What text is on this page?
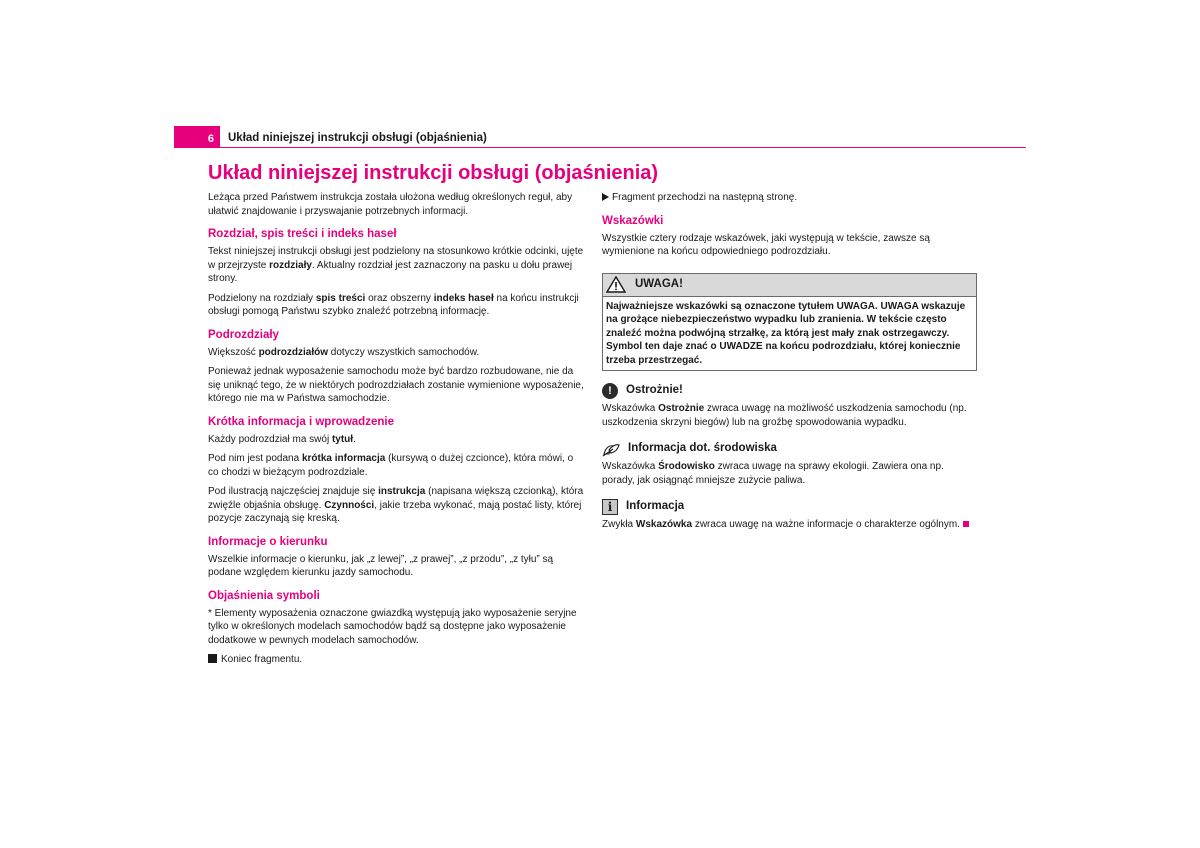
6	Układ niniejszej instrukcji obsługi (objaśnienia)
Układ niniejszej instrukcji obsługi (objaśnienia)

Leżąca przed Państwem instrukcja została ułożona według określonych reguł, aby ułatwić znajdowanie i przyswajanie potrzebnych informacji.

Rozdział, spis treści i indeks haseł

Tekst niniejszej instrukcji obsługi jest podzielony na stosunkowo krótkie odcinki, ujęte w przejrzyste rozdziały. Aktualny rozdział jest zaznaczony na pasku u dołu prawej strony.

Podzielony na rozdziały spis treści oraz obszerny indeks haseł na końcu instrukcji obsługi pomogą Państwu szybko znaleźć potrzebną informację.

Podrozdziały

Większość podrozdziałów dotyczy wszystkich samochodów.

Ponieważ jednak wyposażenie samochodu może być bardzo rozbudowane, nie da się uniknąć tego, że w niektórych podrozdziałach zostanie wymienione wyposażenie, którego nie ma w Państwa samochodzie.

Krótka informacja i wprowadzenie

Każdy podrozdział ma swój tytuł.

Pod nim jest podana krótka informacja (kursywą o dużej czcionce), która mówi, o co chodzi w bieżącym podrozdziale.

Pod ilustracją najczęściej znajduje się instrukcja (napisana większą czcionką), która zwięźle objaśnia obsługę. Czynności, jakie trzeba wykonać, mają postać listy, której pozycje zaczynają się kreską.

Informacje o kierunku

Wszelkie informacje o kierunku, jak „z lewej”, „z prawej”, „z przodu”, „z tyłu” są podane względem kierunku jazdy samochodu.

Objaśnienia symboli

* Elementy wyposażenia oznaczone gwiazdką występują jako wyposażenie seryjne tylko w określonych modelach samochodów bądź są dostępne jako wyposażenie dodatkowe w pewnych modelach samochodów.

Koniec fragmentu.

Fragment przechodzi na następną stronę.

Wskazówki

Wszystkie cztery rodzaje wskazówek, jaki występują w tekście, zawsze są wymienione na końcu odpowiedniego podrozdziału.

UWAGA!
Najważniejsze wskazówki są oznaczone tytułem UWAGA. UWAGA wskazuje na grożące niebezpieczeństwo wypadku lub zranienia. W tekście często znaleźć można podwójną strzałkę, za którą jest mały znak ostrzegawczy. Symbol ten daje znać o UWADZE na końcu podrozdziału, której koniecznie trzeba przestrzegać.
!
Ostrożnie!

Wskazówka Ostrożnie zwraca uwagę na możliwość uszkodzenia samochodu (np. uszkodzenia skrzyni biegów) lub na groźbę spowodowania wypadku.

Informacja dot. środowiska

Wskazówka Środowisko zwraca uwagę na sprawy ekologii. Zawiera ona np. porady, jak osiągnąć mniejsze zużycie paliwa.

i
Informacja

Zwykła Wskazówka zwraca uwagę na ważne informacje o charakterze ogólnym.
